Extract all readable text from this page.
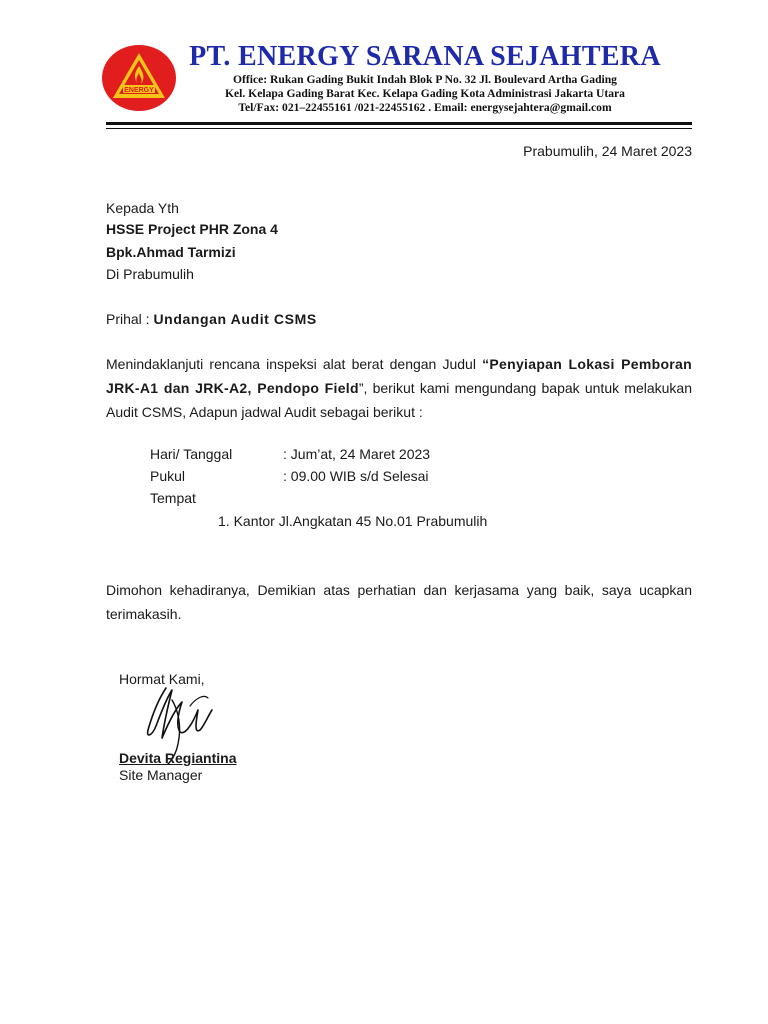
ENERGY
PT. ENERGY SARANA SEJAHTERA
Office: Rukan Gading Bukit Indah Blok P No. 32 Jl. Boulevard Artha Gading
Kel. Kelapa Gading Barat Kec. Kelapa Gading Kota Administrasi Jakarta Utara
Tel/Fax: 021–22455161 /021-22455162 . Email: energysejahtera@gmail.com
Prabumulih, 24 Maret 2023
Kepada Yth
HSSE Project PHR Zona 4
Bpk.Ahmad Tarmizi
Di Prabumulih
Prihal : Undangan Audit CSMS
Menindaklanjuti rencana inspeksi alat berat dengan Judul “Penyiapan Lokasi Pemboran JRK-A1 dan JRK-A2, Pendopo Field”, berikut kami mengundang bapak untuk melakukan Audit CSMS, Adapun jadwal Audit sebagai berikut :
Hari/ Tanggal	: Jum’at, 24 Maret 2023
Pukul	: 09.00 WIB s/d Selesai
Tempat
1. Kantor Jl.Angkatan 45 No.01 Prabumulih
Dimohon kehadiranya, Demikian atas perhatian dan kerjasama yang baik, saya ucapkan terimakasih.
Hormat Kami,
Devita Regiantina
Site Manager
